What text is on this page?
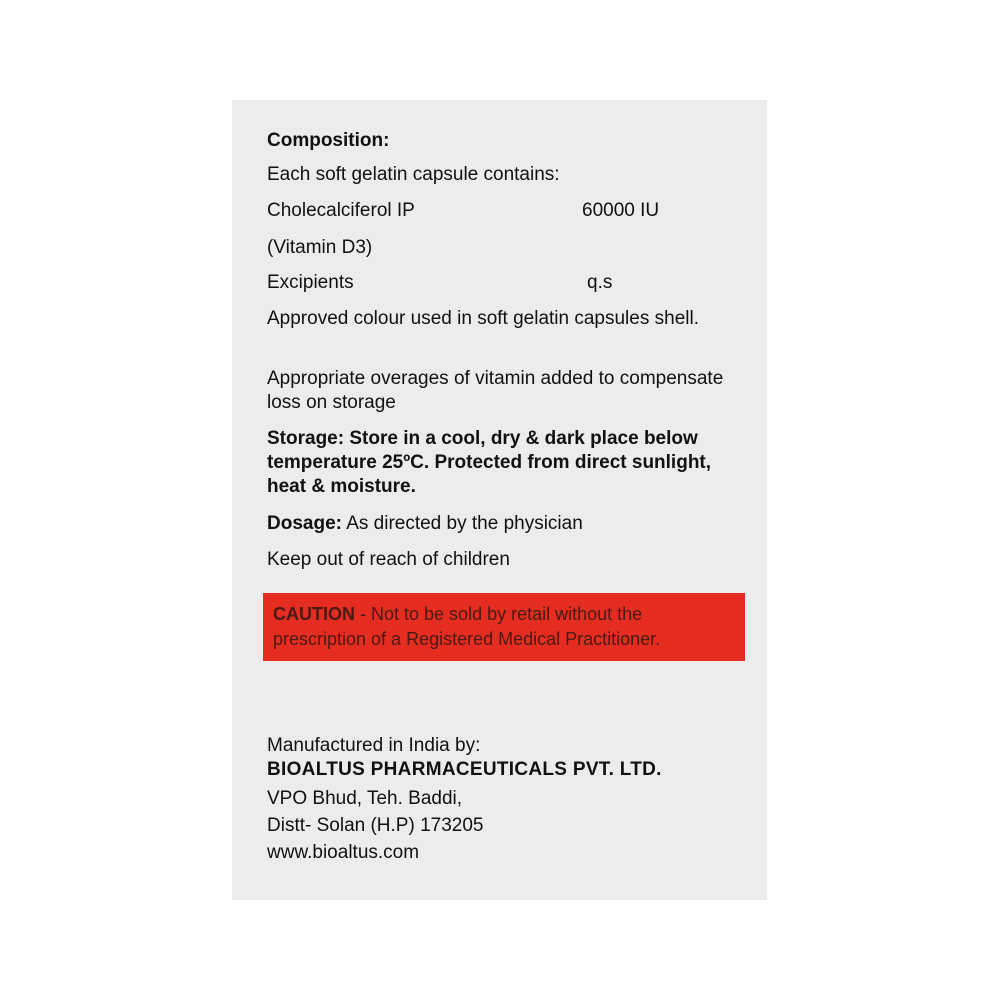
Composition:

Each soft gelatin capsule contains:

Cholecalciferol IP	60000 IU

(Vitamin D3)

Excipients	q.s

Approved colour used in soft gelatin capsules shell.

Appropriate overages of vitamin added to compensate loss on storage

Storage: Store in a cool, dry & dark place below temperature 25ºC. Protected from direct sunlight, heat & moisture.

Dosage: As directed by the physician

Keep out of reach of children

CAUTION - Not to be sold by retail without the prescription of a Registered Medical Practitioner.

Manufactured in India by:

BIOALTUS PHARMACEUTICALS PVT. LTD.

VPO Bhud, Teh. Baddi,

Distt- Solan (H.P) 173205

www.bioaltus.com
